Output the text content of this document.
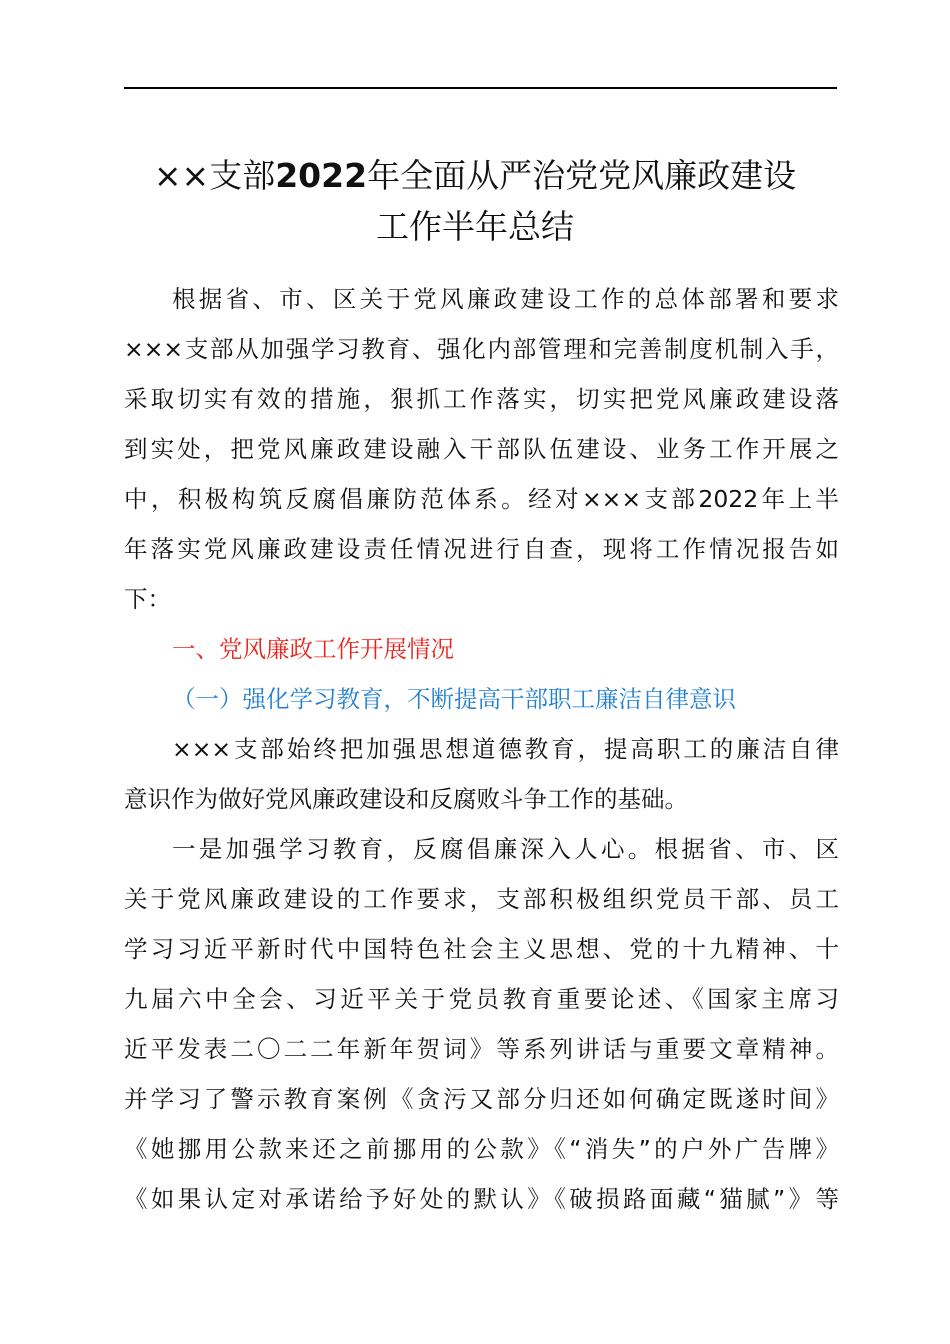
××支部2022年全面从严治党党风廉政建设
工作半年总结
根据省、市、区关于党风廉政建设工作的总体部署和要求
×××支部从加强学习教育、强化内部管理和完善制度机制入手，
采取切实有效的措施，狠抓工作落实，切实把党风廉政建设落
到实处，把党风廉政建设融入干部队伍建设、业务工作开展之
中，积极构筑反腐倡廉防范体系。经对×××支部2022年上半
年落实党风廉政建设责任情况进行自查，现将工作情况报告如
下：
一、党风廉政工作开展情况
（一）强化学习教育，不断提高干部职工廉洁自律意识
×××支部始终把加强思想道德教育，提高职工的廉洁自律
意识作为做好党风廉政建设和反腐败斗争工作的基础。
一是加强学习教育，反腐倡廉深入人心。根据省、市、区
关于党风廉政建设的工作要求，支部积极组织党员干部、员工
学习习近平新时代中国特色社会主义思想、党的十九精神、十
九届六中全会、习近平关于党员教育重要论述、《国家主席习
近平发表二〇二二年新年贺词》等系列讲话与重要文章精神。
并学习了警示教育案例《贪污又部分归还如何确定既遂时间》
《她挪用公款来还之前挪用的公款》《“消失”的户外广告牌》
《如果认定对承诺给予好处的默认》《破损路面藏“猫腻”》等
